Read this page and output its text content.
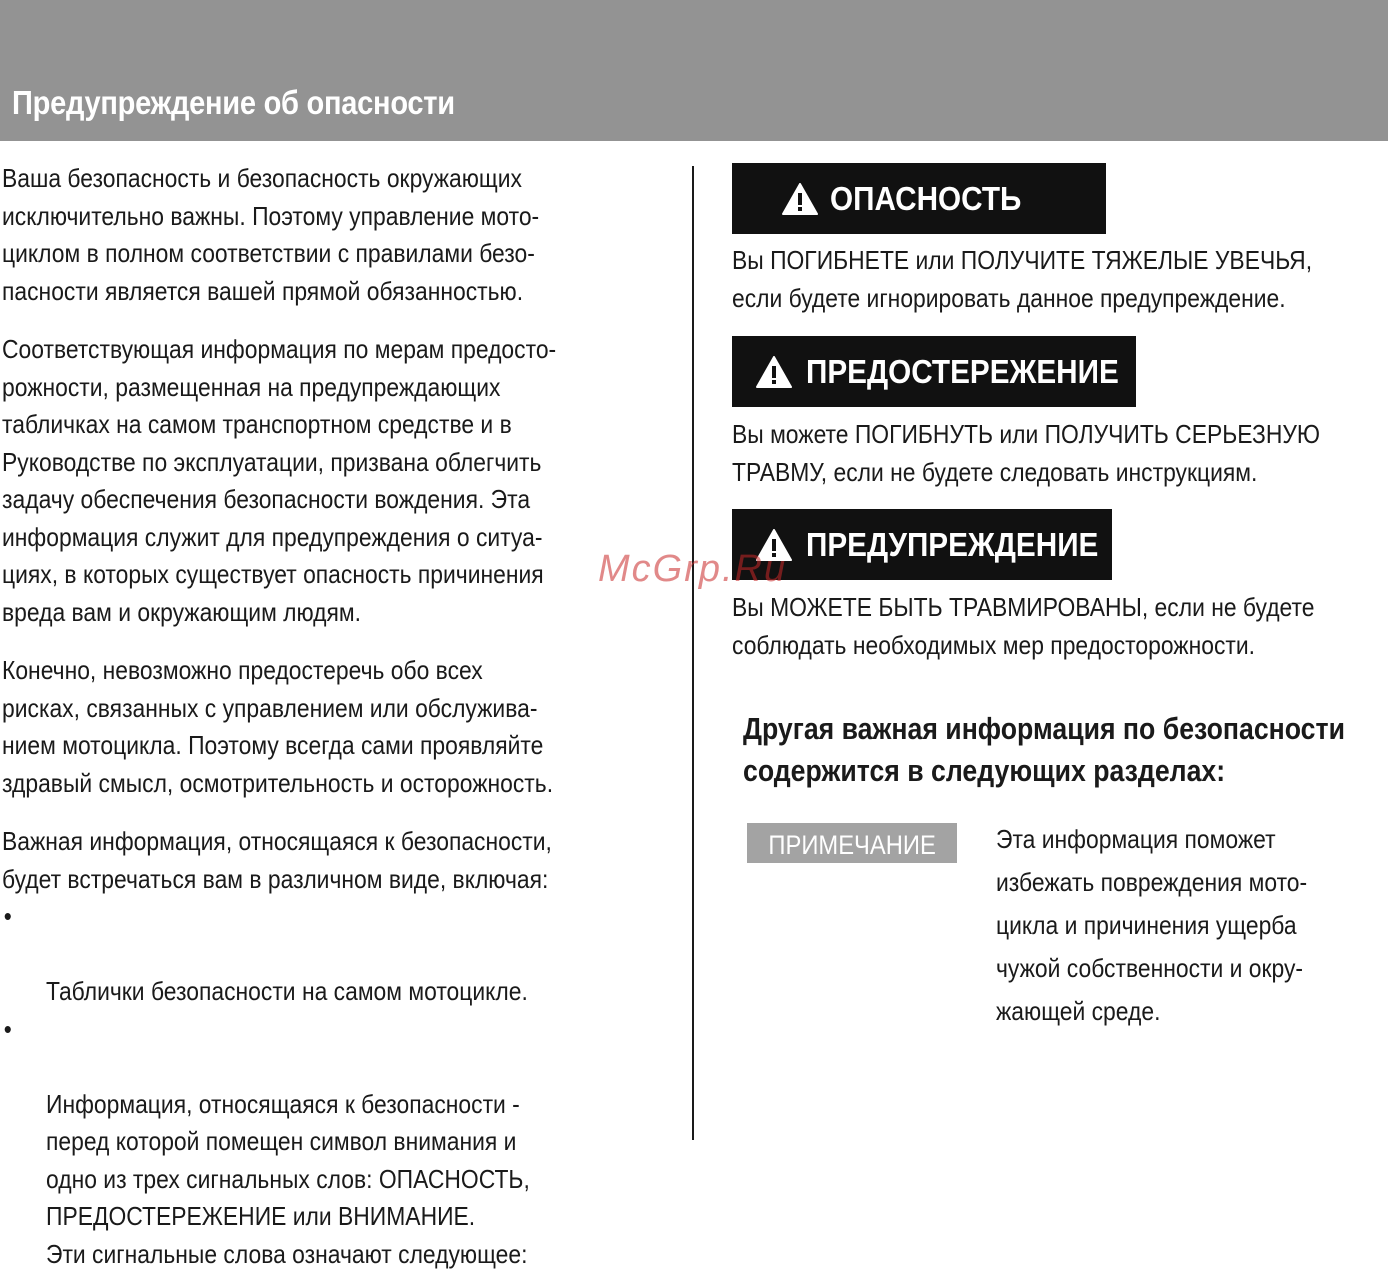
Предупреждение об опасности

Ваша безопасность и безопасность окружающих
исключительно важны. Поэтому управление мото-
циклом в полном соответствии с правилами безо-
пасности является вашей прямой обязанностью.

Соответствующая информация по мерам предосто-
рожности, размещенная на предупреждающих
табличках на самом транспортном средстве и в
Руководстве по эксплуатации, призвана облегчить
задачу обеспечения безопасности вождения. Эта
информация служит для предупреждения о ситуа-
циях, в которых существует опасность причинения
вреда вам и окружающим людям.

Конечно, невозможно предостеречь обо всех
рисках, связанных с управлением или обслужива-
нием мотоцикла. Поэтому всегда сами проявляйте
здравый смысл, осмотрительность и осторожность.

Важная информация, относящаяся к безопасности,
будет встречаться вам в различном виде, включая:

•

Таблички безопасности на самом мотоцикле.

•

Информация, относящаяся к безопасности -
перед которой помещен символ внимания и
одно из трех сигнальных слов: ОПАСНОСТЬ,
ПРЕДОСТЕРЕЖЕНИЕ или ВНИМАНИЕ.
Эти сигнальные слова означают следующее:

ОПАСНОСТЬ

Вы ПОГИБНЕТЕ или ПОЛУЧИТЕ ТЯЖЕЛЫЕ УВЕЧЬЯ,
если будете игнорировать данное предупреждение.

ПРЕДОСТЕРЕЖЕНИЕ

Вы можете ПОГИБНУТЬ или ПОЛУЧИТЬ СЕРЬЕЗНУЮ
ТРАВМУ, если не будете следовать инструкциям.

ПРЕДУПРЕЖДЕНИЕ

Вы МОЖЕТЕ БЫТЬ ТРАВМИРОВАНЫ, если не будете
соблюдать необходимых мер предосторожности.

Другая важная информация по безопасности
содержится в следующих разделах:
ПРИМЕЧАНИЕ	Эта информация поможет
избежать повреждения мото-
цикла и причинения ущерба
чужой собственности и окру-
жающей среде.

McGrp.Ru
